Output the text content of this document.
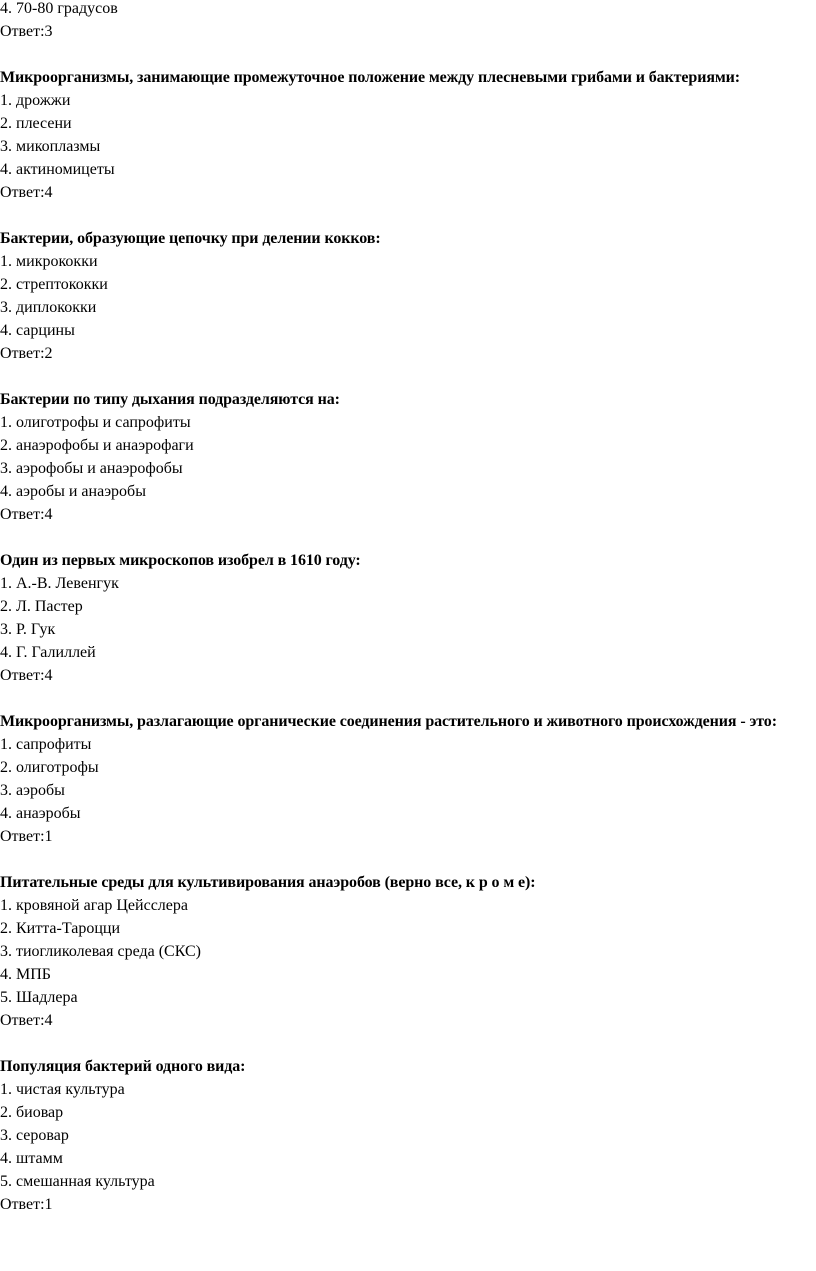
4. 70-80 градусов
Ответ:3
Микроорганизмы, занимающие промежуточное положение между плесневыми грибами и бактериями:
1. дрожжи
2. плесени
3. микоплазмы
4. актиномицеты
Ответ:4
Бактерии, образующие цепочку при делении кокков:
1. микрококки
2. стрептококки
3. диплококки
4. сарцины
Ответ:2
Бактерии по типу дыхания подразделяются на:
1. олиготрофы и сапрофиты
2. анаэрофобы и анаэрофаги
3. аэрофобы и анаэрофобы
4. аэробы и анаэробы
Ответ:4
Один из первых микроскопов изобрел в 1610 году:
1. А.-В. Левенгук
2. Л. Пастер
3. Р. Гук
4. Г. Галиллей
Ответ:4
Микроорганизмы, разлагающие органические соединения растительного и животного происхождения - это:
1. сапрофиты
2. олиготрофы
3. аэробы
4. анаэробы
Ответ:1
Питательные среды для культивирования анаэробов (верно все, к р о м е):
1. кровяной агар Цейсслера
2. Китта-Тароцци
3. тиогликолевая среда (СКС)
4. МПБ
5. Шадлера
Ответ:4
Популяция бактерий одного вида:
1. чистая культура
2. биовар
3. серовар
4. штамм
5. смешанная культура
Ответ:1
